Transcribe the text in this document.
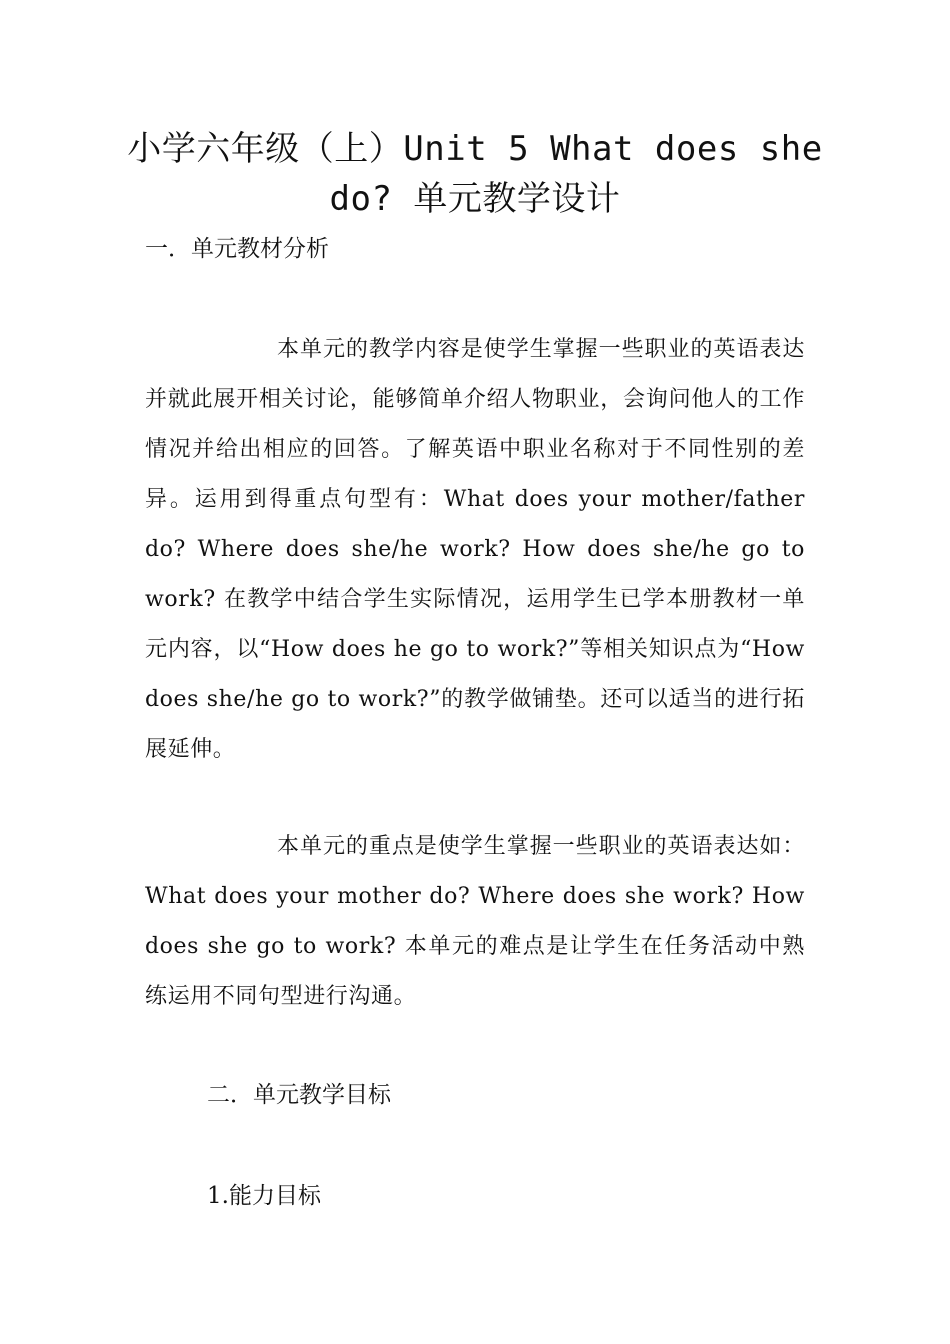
小学六年级（上）Unit 5 What does she do? 单元教学设计
一．单元教材分析

本单元的教学内容是使学生掌握一些职业的英语表达并就此展开相关讨论，能够简单介绍人物职业，会询问他人的工作情况并给出相应的回答。了解英语中职业名称对于不同性别的差异。运用到得重点句型有：What does your mother/father do? Where does she/he work? How does she/he go to work? 在教学中结合学生实际情况，运用学生已学本册教材一单元内容，以“How does he go to work?”等相关知识点为“How does she/he go to work?”的教学做铺垫。还可以适当的进行拓展延伸。

本单元的重点是使学生掌握一些职业的英语表达如：What does your mother do? Where does she work? How does she go to work? 本单元的难点是让学生在任务活动中熟练运用不同句型进行沟通。

二．单元教学目标
1.能力目标
